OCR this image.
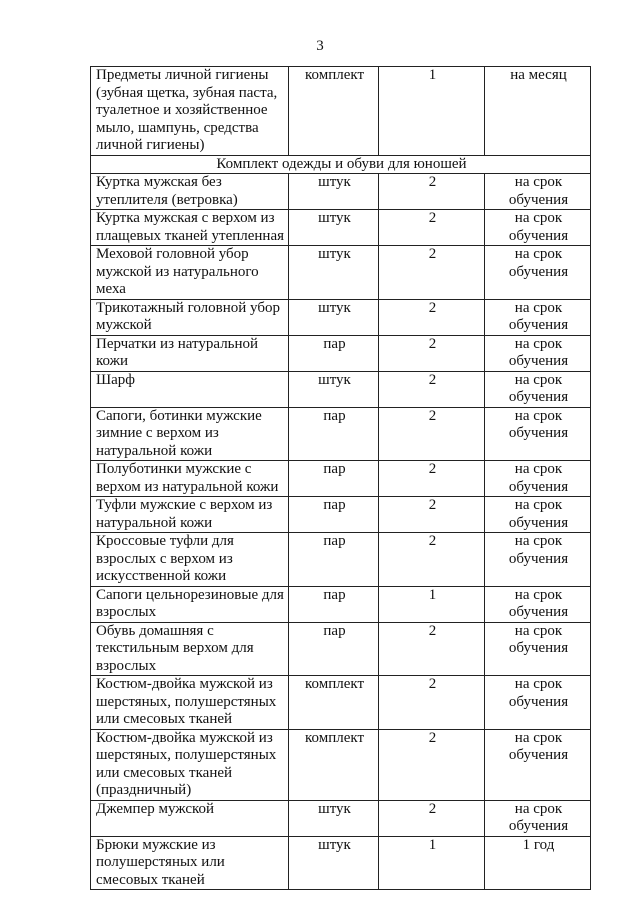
3
Предметы личной гигиены (зубная щетка, зубная паста, туалетное и хозяйственное мыло, шампунь, средства личной гигиены)	комплект	1	на месяц
Комплект одежды и обуви для юношей			
Куртка мужская без утеплителя (ветровка)	штук	2	на срок обучения
Куртка мужская с верхом из плащевых тканей утепленная	штук	2	на срок обучения
Меховой головной убор мужской из натурального меха	штук	2	на срок обучения
Трикотажный головной убор мужской	штук	2	на срок обучения
Перчатки из натуральной кожи	пар	2	на срок обучения
Шарф	штук	2	на срок обучения
Сапоги, ботинки мужские зимние с верхом из натуральной кожи	пар	2	на срок обучения
Полуботинки мужские с верхом из натуральной кожи	пар	2	на срок обучения
Туфли мужские с верхом из натуральной кожи	пар	2	на срок обучения
Кроссовые туфли для взрослых с верхом из искусственной кожи	пар	2	на срок обучения
Сапоги цельнорезиновые для взрослых	пар	1	на срок обучения
Обувь домашняя с текстильным верхом для взрослых	пар	2	на срок обучения
Костюм-двойка мужской из шерстяных, полушерстяных или смесовых тканей	комплект	2	на срок обучения
Костюм-двойка мужской из шерстяных, полушерстяных или смесовых тканей (праздничный)	комплект	2	на срок обучения
Джемпер мужской	штук	2	на срок обучения
Брюки мужские из полушерстяных или смесовых тканей	штук	1	1 год
